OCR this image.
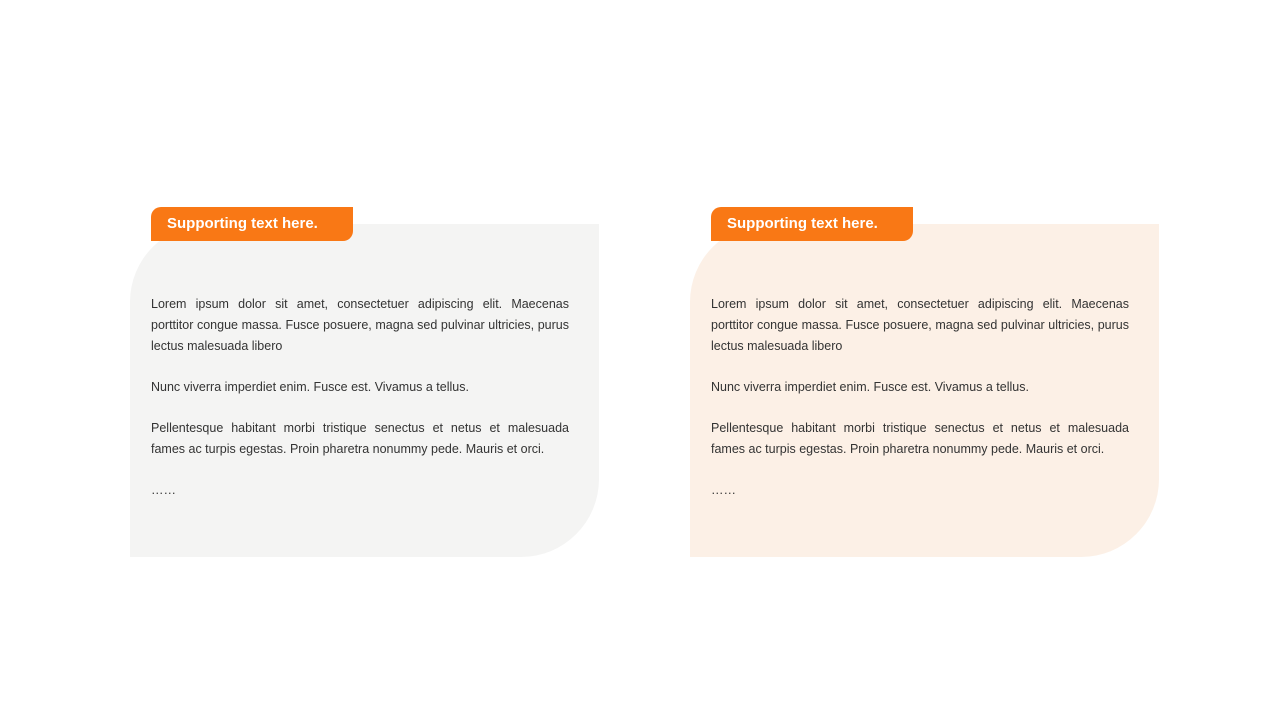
Supporting text here.	Supporting text here.

Lorem ipsum dolor sit amet, consectetuer adipiscing elit. Maecenas porttitor congue massa. Fusce posuere, magna sed pulvinar ultricies, purus lectus malesuada libero

Nunc viverra imperdiet enim. Fusce est. Vivamus a tellus.

Pellentesque habitant morbi tristique senectus et netus et malesuada fames ac turpis egestas. Proin pharetra nonummy pede. Mauris et orci.

……

Lorem ipsum dolor sit amet, consectetuer adipiscing elit. Maecenas porttitor congue massa. Fusce posuere, magna sed pulvinar ultricies, purus lectus malesuada libero

Nunc viverra imperdiet enim. Fusce est. Vivamus a tellus.

Pellentesque habitant morbi tristique senectus et netus et malesuada fames ac turpis egestas. Proin pharetra nonummy pede. Mauris et orci.

……
